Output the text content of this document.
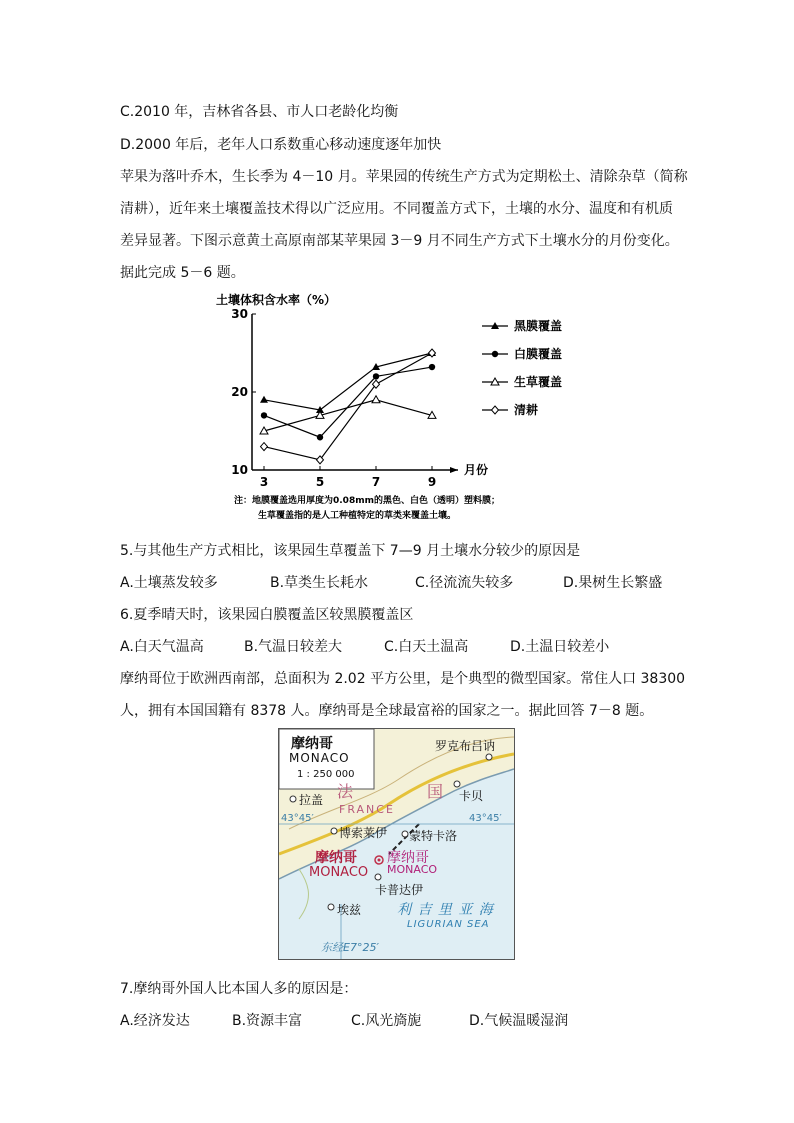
C.2010 年，吉林省各县、市人口老龄化均衡
D.2000 年后，老年人口系数重心移动速度逐年加快
苹果为落叶乔木，生长季为 4－10 月。苹果园的传统生产方式为定期松土、清除杂草（简称
清耕），近年来土壤覆盖技术得以广泛应用。不同覆盖方式下，土壤的水分、温度和有机质
差异显著。下图示意黄土高原南部某苹果园 3－9 月不同生产方式下土壤水分的月份变化。
据此完成 5－6 题。
土壤体积含水率（%）
月份
10
20
30
3	5	7	9
黑膜覆盖
白膜覆盖
生草覆盖
清耕
注：地膜覆盖选用厚度为0.08mm的黑色、白色（透明）塑料膜；
生草覆盖指的是人工种植特定的草类来覆盖土壤。
5.与其他生产方式相比，该果园生草覆盖下 7—9 月土壤水分较少的原因是
A.土壤蒸发较多	B.草类生长耗水	C.径流流失较多	D.果树生长繁盛
6.夏季晴天时，该果园白膜覆盖区较黑膜覆盖区
A.白天气温高	B.气温日较差大	C.白天土温高	D.土温日较差小
摩纳哥位于欧洲西南部，总面积为 2.02 平方公里，是个典型的微型国家。常住人口 38300
人，拥有本国国籍有 8378 人。摩纳哥是全球最富裕的国家之一。据此回答 7－8 题。
摩纳哥
MONACO
1 : 250 000
罗克布吕讷
卡贝
拉盖 法	国
FRANCE
43°45′	43°45′
博索莱伊 蒙特卡洛
摩纳哥
MONACO
摩纳哥
MONACO
卡普达伊
利 吉 里 亚 海
LIGURIAN SEA
埃兹
东经E7°25′
7.摩纳哥外国人比本国人多的原因是：
A.经济发达	B.资源丰富	C.风光旖旎	D.气候温暖湿润
